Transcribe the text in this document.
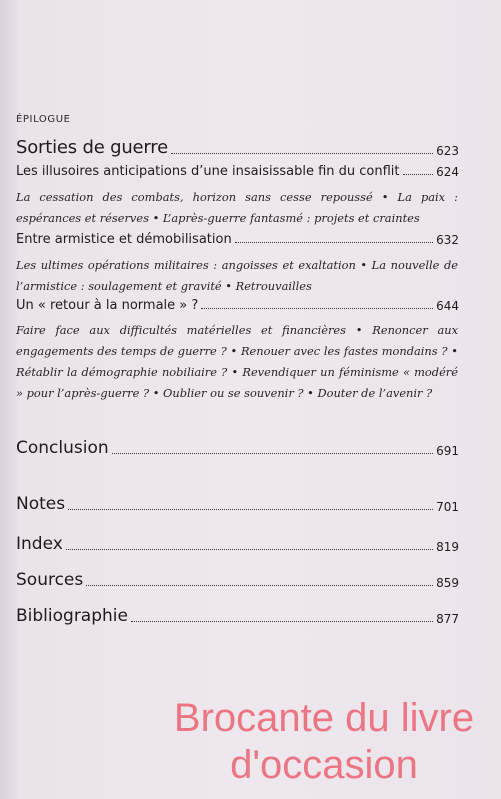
ÉPILOGUE
Sorties de guerre	623
Les illusoires anticipations d’une insaisissable fin du conflit	624
La cessation des combats, horizon sans cesse repoussé • La paix : espérances et réserves • L’après-guerre fantasmé : projets et craintes
Entre armistice et démobilisation	632
Les ultimes opérations militaires : angoisses et exaltation • La nouvelle de l’armistice : soulagement et gravité • Retrouvailles
Un « retour à la normale » ?	644
Faire face aux difficultés matérielles et financières • Renoncer aux engagements des temps de guerre ? • Renouer avec les fastes mondains ? • Rétablir la démographie nobiliaire ? • Revendiquer un féminisme « modéré » pour l’après-guerre ? • Oublier ou se souvenir ? • Douter de l’avenir ?
Conclusion	691
Notes	701
Index	819
Sources	859
Bibliographie	877
Brocante du livre
d'occasion
